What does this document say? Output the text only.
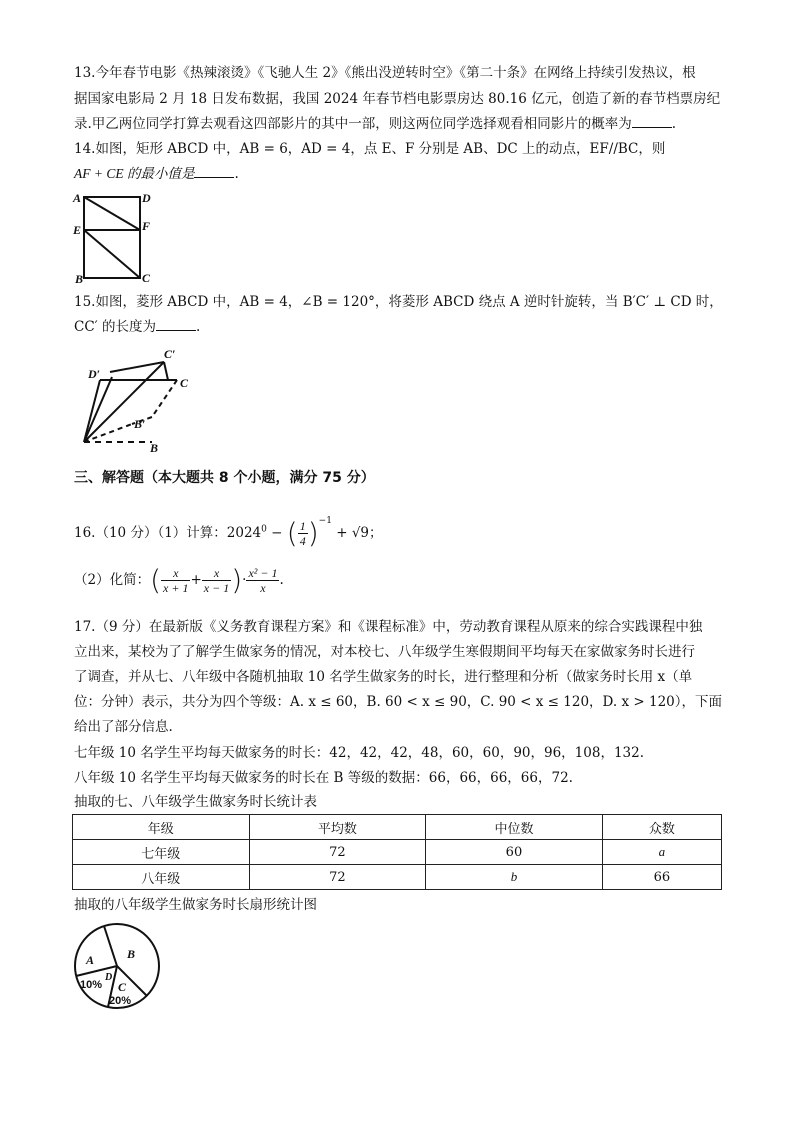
13.今年春节电影《热辣滚烫》《飞驰人生 2》《熊出没逆转时空》《第二十条》在网络上持续引发热议，根
据国家电影局 2 月 18 日发布数据，我国 2024 年春节档电影票房达 80.16 亿元，创造了新的春节档票房纪
录.甲乙两位同学打算去观看这四部影片的其中一部，则这两位同学选择观看相同影片的概率为	.
14.如图，矩形 ABCD 中，AB = 6，AD = 4，点 E、F 分别是 AB、DC 上的动点，EF//BC，则
AF + CE 的最小值是	.
A	D
E	F
B	C
15.如图，菱形 ABCD 中，AB = 4，∠B = 120°，将菱形 ABCD 绕点 A 逆时针旋转，当 B′C′ ⊥ CD 时，
CC′ 的长度为	.
C′
D′
C
B′
B
三、解答题（本大题共 8 个小题，满分 75 分）
16.（10 分）（1）计算：$2024^0$ − ( $\frac{1}{4} )^{-1} + √9$；
（2）化简：( $\frac{x}{x + 1} + \frac{x}{x - 1}$ )· $\frac{\text{x² − 1}}{x}$ .
17.（9 分）在最新版《义务教育课程方案》和《课程标准》中，劳动教育课程从原来的综合实践课程中独
立出来，某校为了了解学生做家务的情况，对本校七、八年级学生寒假期间平均每天在家做家务时长进行
了调查，并从七、八年级中各随机抽取 10 名学生做家务的时长，进行整理和分析（做家务时长用 x（单
位：分钟）表示，共分为四个等级：A. x ≤ 60，B. 60 < x ≤ 90，C. 90 < x ≤ 120，D. x > 120），下面
给出了部分信息.
七年级 10 名学生平均每天做家务的时长：42，42，42，48，60，60，90，96，108，132.
八年级 10 名学生平均每天做家务的时长在 B 等级的数据：66，66，66，66，72.
抽取的七、八年级学生做家务时长统计表
年级	平均数	中位数	众数
七年级	72	60	a
八年级	72	b	66
抽取的八年级学生做家务时长扇形统计图
A	B
D
C
10%
20%
